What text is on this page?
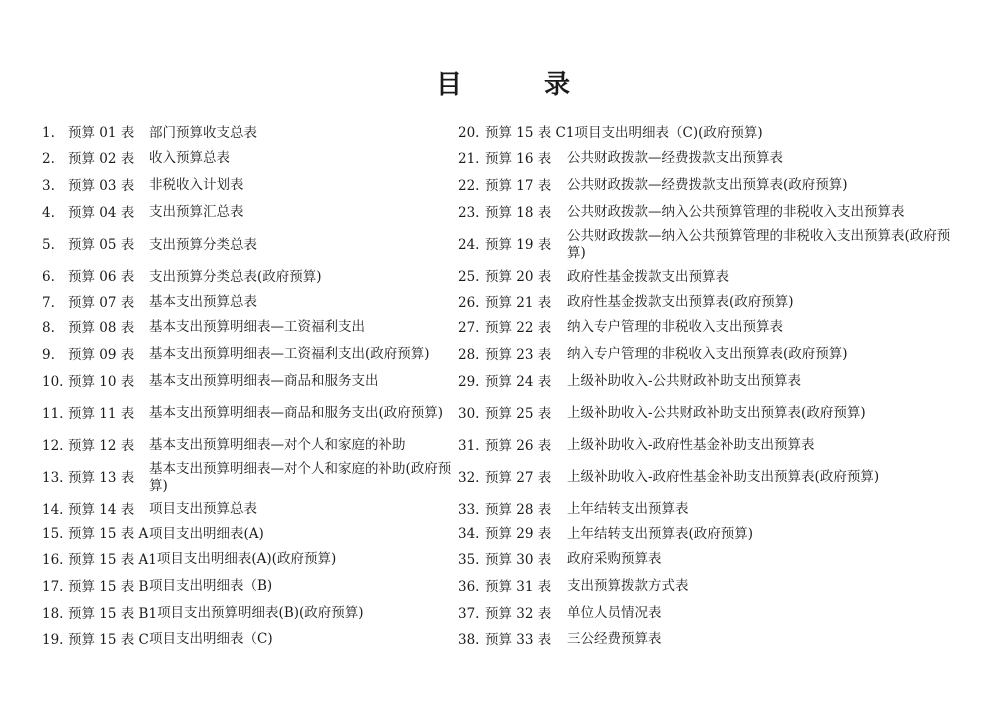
目　录
1. 预算 01 表	部门预算收支总表
2. 预算 02 表	收入预算总表
3. 预算 03 表	非税收入计划表
4. 预算 04 表	支出预算汇总表
5. 预算 05 表	支出预算分类总表
6. 预算 06 表	支出预算分类总表(政府预算)
7. 预算 07 表	基本支出预算总表
8. 预算 08 表	基本支出预算明细表—工资福利支出
9. 预算 09 表	基本支出预算明细表—工资福利支出(政府预算)
10. 预算 10 表	基本支出预算明细表—商品和服务支出
11. 预算 11 表	基本支出预算明细表—商品和服务支出(政府预算)
12. 预算 12 表	基本支出预算明细表—对个人和家庭的补助
13. 预算 13 表
基本支出预算明细表—对个人和家庭的补助(政府预算)
14. 预算 14 表	项目支出预算总表
15. 预算 15 表 A 项目支出明细表(A)
16. 预算 15 表 A1 项目支出明细表(A)(政府预算)
17. 预算 15 表 B 项目支出明细表（B)
18. 预算 15 表 B1 项目支出预算明细表(B)(政府预算)
19. 预算 15 表 C 项目支出明细表（C)
20. 预算 15 表 C1 项目支出明细表（C)(政府预算)
21. 预算 16 表	公共财政拨款—经费拨款支出预算表
22. 预算 17 表	公共财政拨款—经费拨款支出预算表(政府预算)
23. 预算 18 表	公共财政拨款—纳入公共预算管理的非税收入支出预算表
24. 预算 19 表
公共财政拨款—纳入公共预算管理的非税收入支出预算表(政府预算)
25. 预算 20 表	政府性基金拨款支出预算表
26. 预算 21 表	政府性基金拨款支出预算表(政府预算)
27. 预算 22 表	纳入专户管理的非税收入支出预算表
28. 预算 23 表	纳入专户管理的非税收入支出预算表(政府预算)
29. 预算 24 表	上级补助收入-公共财政补助支出预算表
30. 预算 25 表	上级补助收入-公共财政补助支出预算表(政府预算)
31. 预算 26 表	上级补助收入-政府性基金补助支出预算表
32. 预算 27 表	上级补助收入-政府性基金补助支出预算表(政府预算)
33. 预算 28 表	上年结转支出预算表
34. 预算 29 表	上年结转支出预算表(政府预算)
35. 预算 30 表	政府采购预算表
36. 预算 31 表	支出预算拨款方式表
37. 预算 32 表	单位人员情况表
38. 预算 33 表	三公经费预算表
